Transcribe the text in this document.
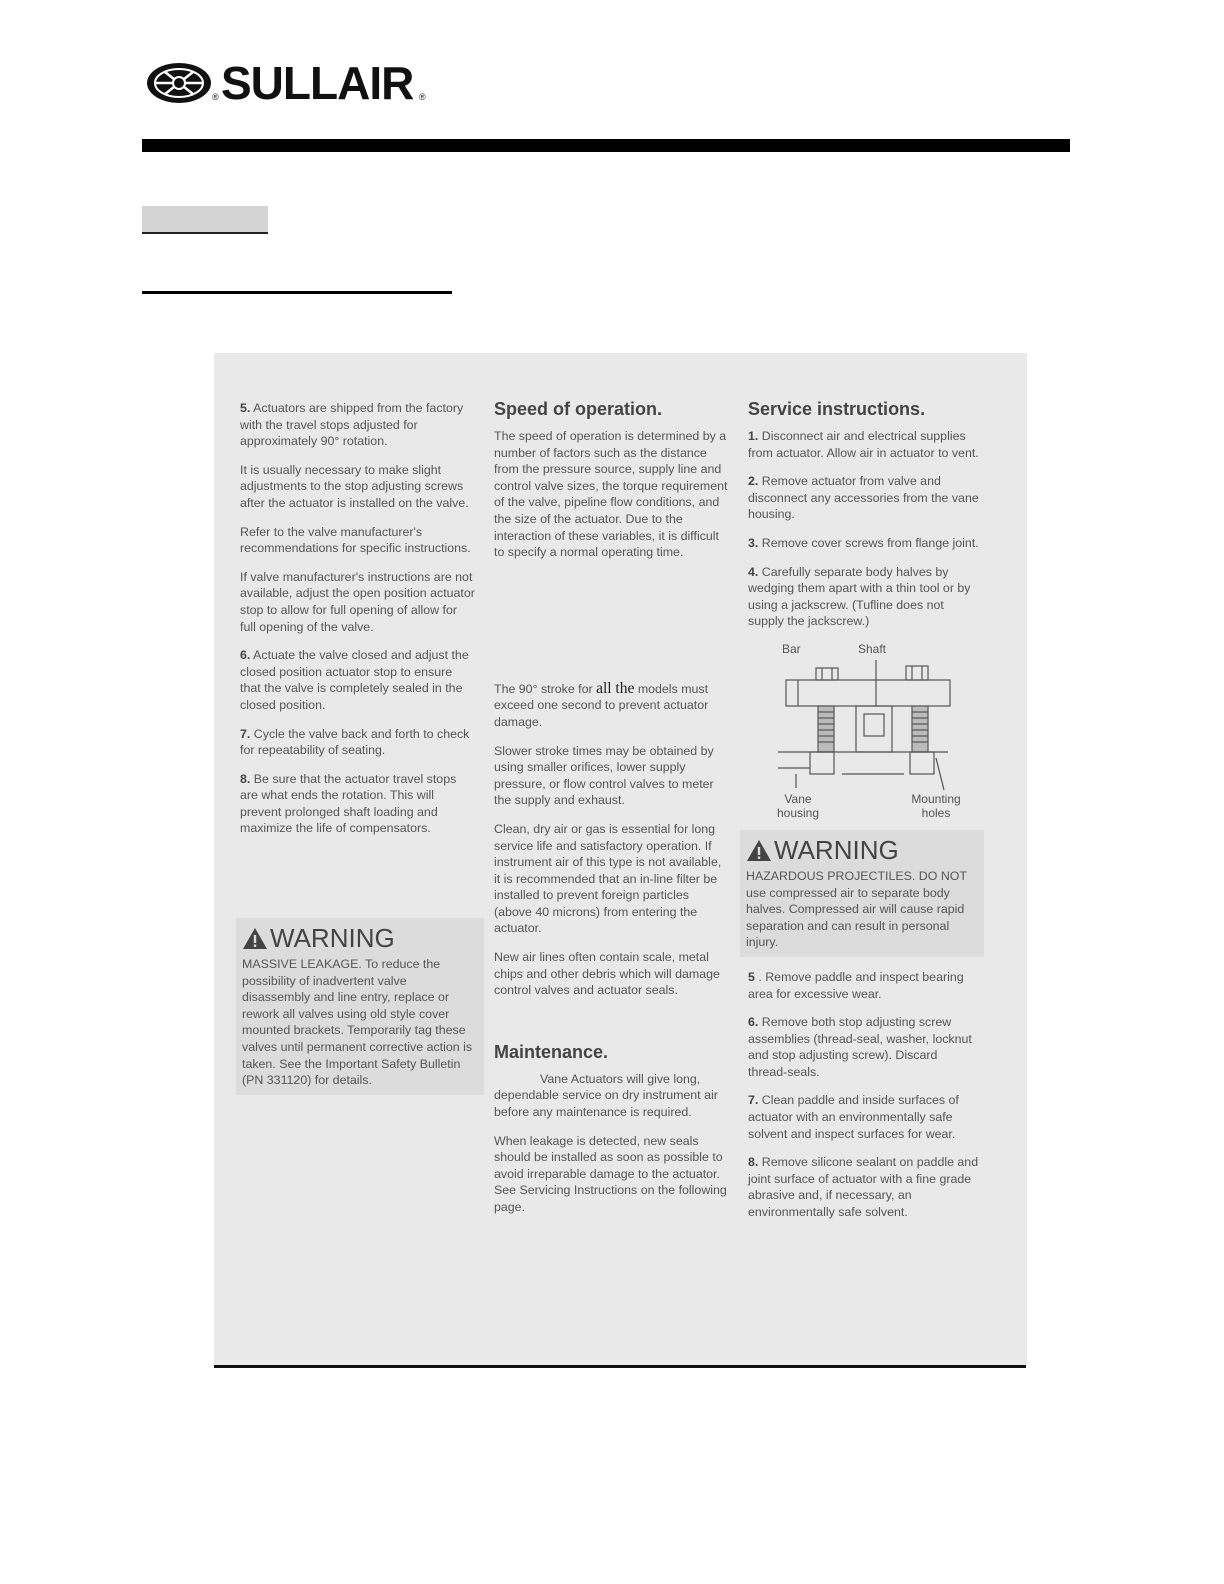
® SULLAIR ®

5. Actuators are shipped from the factory with the travel stops adjusted for approximately 90° rotation.

It is usually necessary to make slight adjustments to the stop adjusting screws after the actuator is installed on the valve.

Refer to the valve manufacturer's recommendations for specific instructions.

If valve manufacturer's instructions are not available, adjust the open position actuator stop to allow for full opening of allow for full opening of the valve.

6. Actuate the valve closed and adjust the closed position actuator stop to ensure that the valve is completely sealed in the closed position.

7. Cycle the valve back and forth to check for repeatability of seating.

8. Be sure that the actuator travel stops are what ends the rotation. This will prevent prolonged shaft loading and maximize the life of compensators.

WARNING
MASSIVE LEAKAGE. To reduce the possibility of inadvertent valve disassembly and line entry, replace or rework all valves using old style cover mounted brackets. Temporarily tag these valves until permanent corrective action is taken. See the Important Safety Bulletin (PN 331120) for details.
Speed of operation.

The speed of operation is determined by a number of factors such as the distance from the pressure source, supply line and control valve sizes, the torque requirement of the valve, pipeline flow conditions, and the size of the actuator. Due to the interaction of these variables, it is difficult to specify a normal operating time.

The 90° stroke for all the models must exceed one second to prevent actuator damage.

Slower stroke times may be obtained by using smaller orifices, lower supply pressure, or flow control valves to meter the supply and exhaust.

Clean, dry air or gas is essential for long service life and satisfactory operation. If instrument air of this type is not available, it is recommended that an in-line filter be installed to prevent foreign particles (above 40 microns) from entering the actuator.

New air lines often contain scale, metal chips and other debris which will damage control valves and actuator seals.

Maintenance.

Vane Actuators will give long, dependable service on dry instrument air before any maintenance is required.

When leakage is detected, new seals should be installed as soon as possible to avoid irreparable damage to the actuator. See Servicing Instructions on the following page.

Service instructions.

1. Disconnect air and electrical supplies from actuator. Allow air in actuator to vent.

2. Remove actuator from valve and disconnect any accessories from the vane housing.

3. Remove cover screws from flange joint.

4. Carefully separate body halves by wedging them apart with a thin tool or by using a jackscrew. (Tufline does not supply the jackscrew.)

Bar	Shaft
Vane housing
Mounting holes
WARNING
HAZARDOUS PROJECTILES. DO NOT use compressed air to separate body halves. Compressed air will cause rapid separation and can result in personal injury.

5 . Remove paddle and inspect bearing area for excessive wear.

6. Remove both stop adjusting screw assemblies (thread-seal, washer, locknut and stop adjusting screw). Discard thread-seals.

7. Clean paddle and inside surfaces of actuator with an environmentally safe solvent and inspect surfaces for wear.

8. Remove silicone sealant on paddle and joint surface of actuator with a fine grade abrasive and, if necessary, an environmentally safe solvent.
